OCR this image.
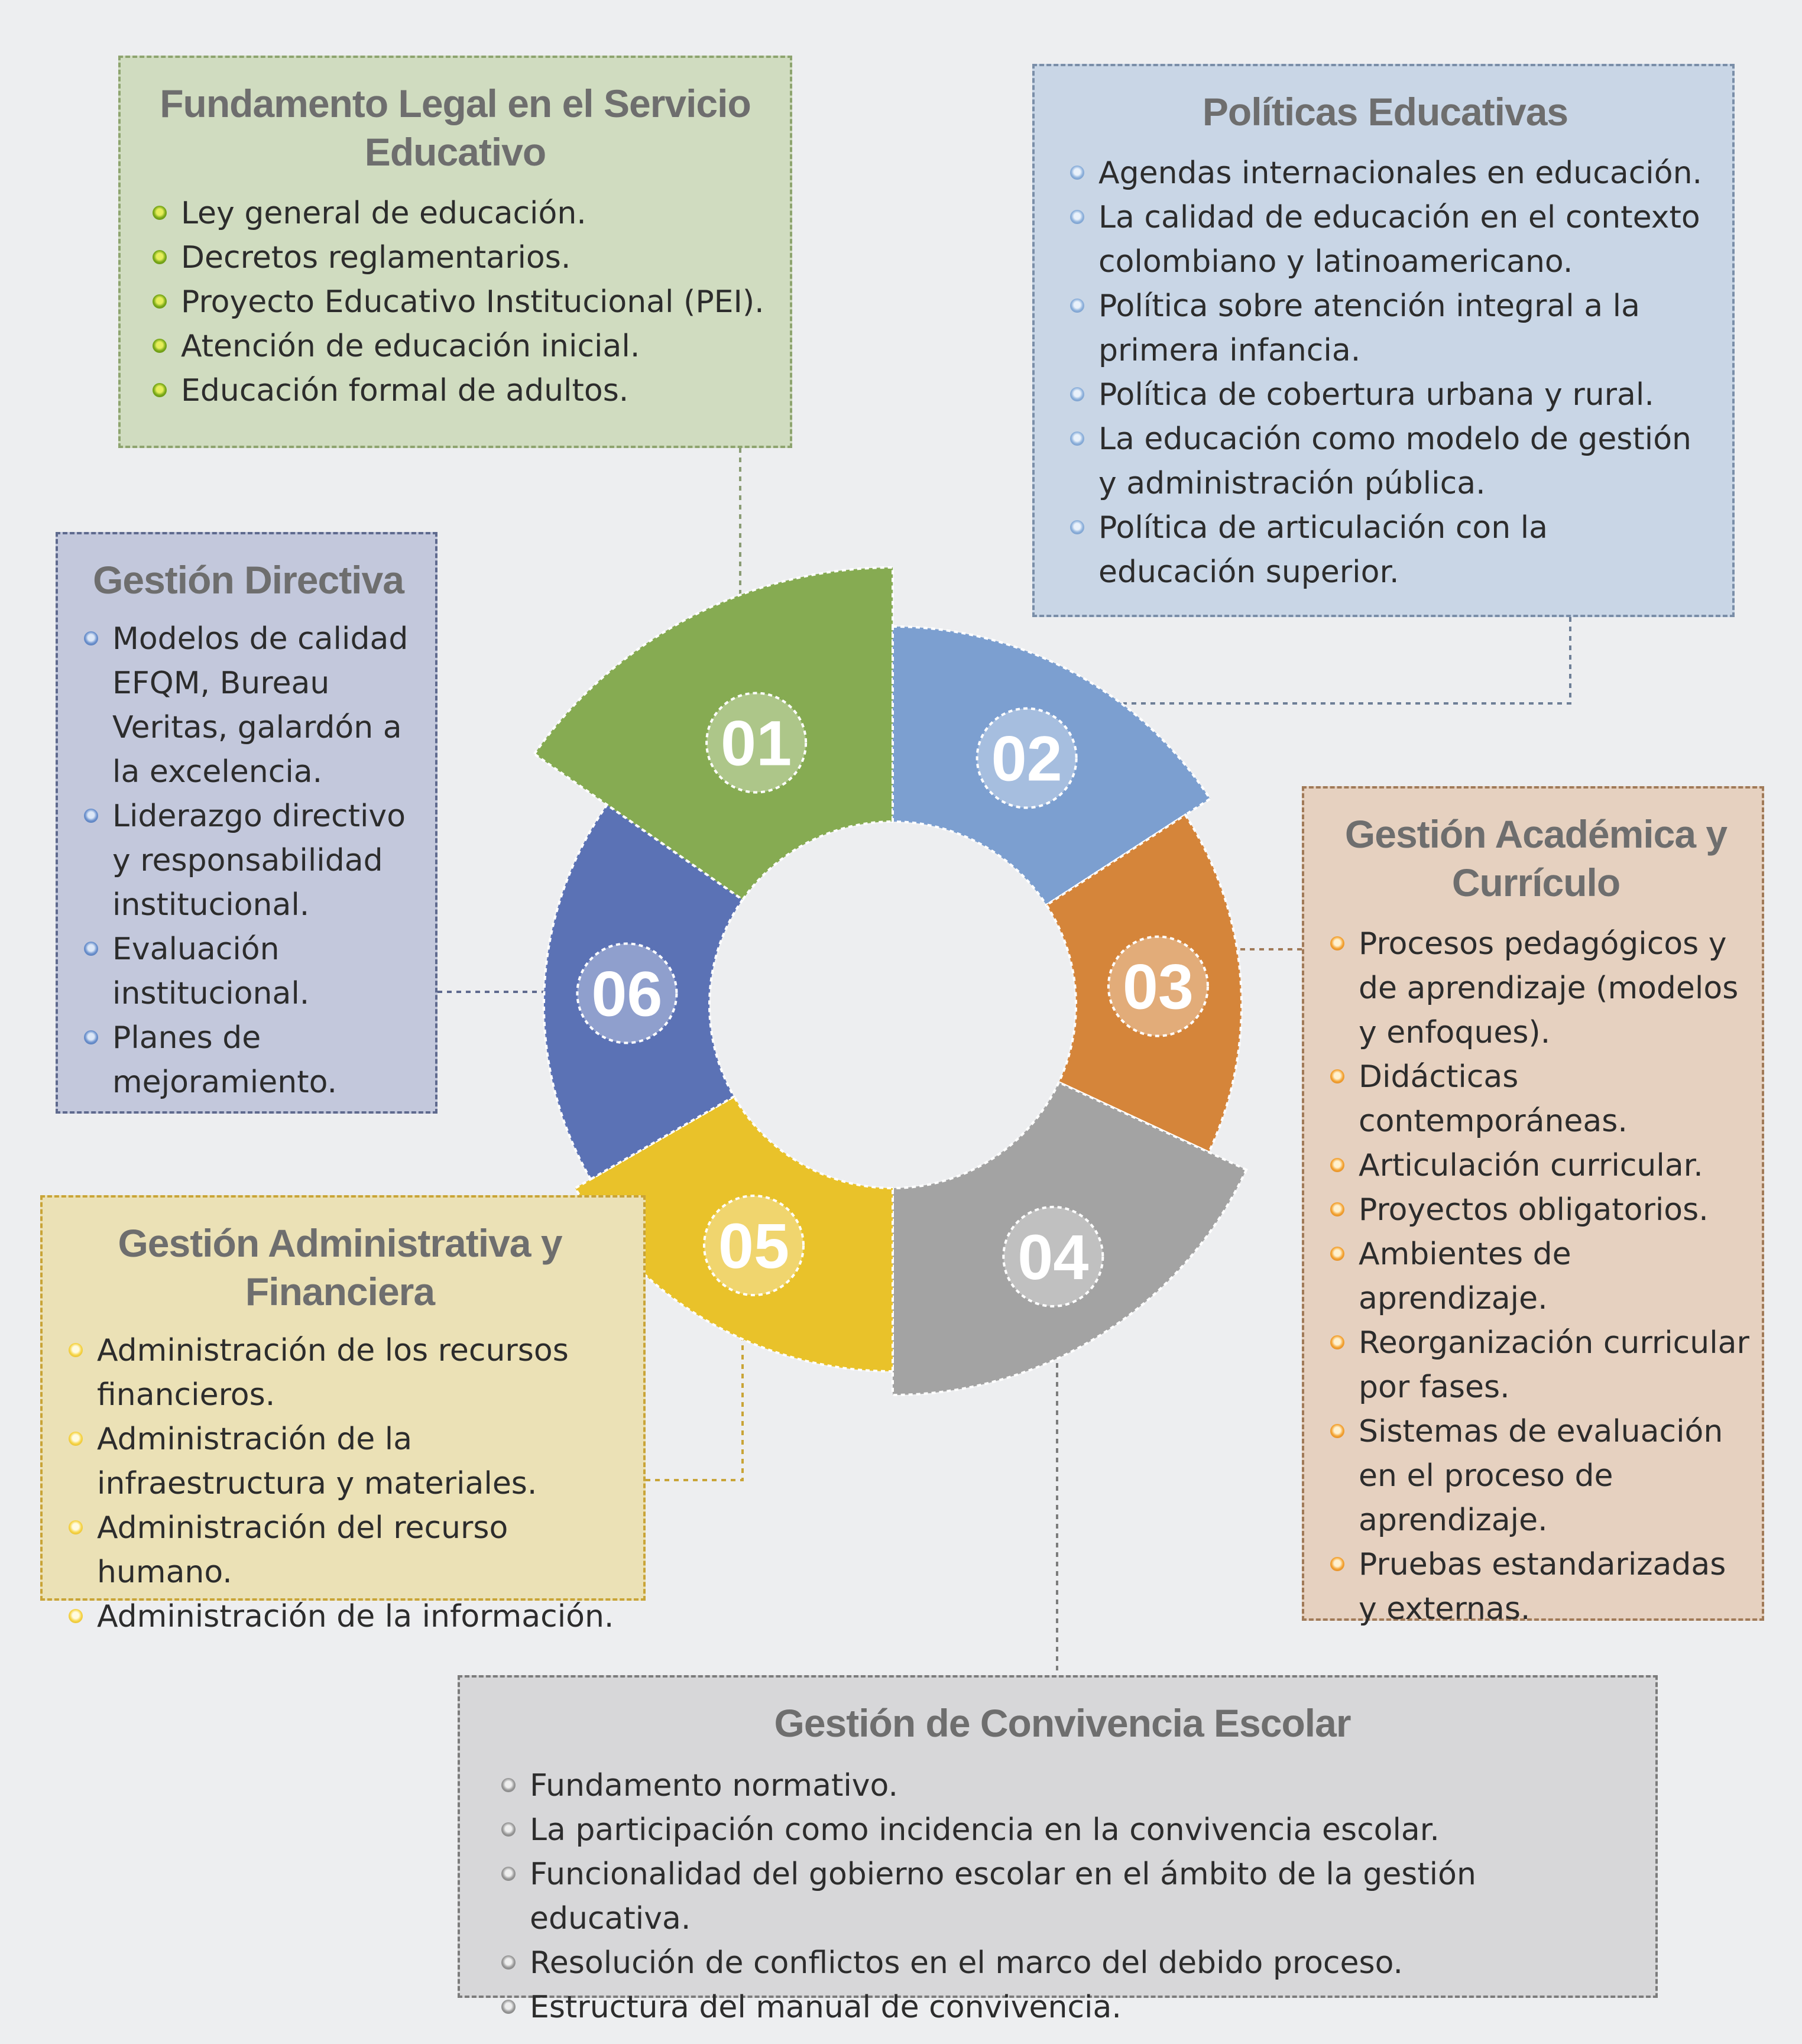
01	02
03
04
05
06
Fundamento Legal en el Servicio Educativo
Ley general de educación.
Decretos reglamentarios.
Proyecto Educativo Institucional (PEI).
Atención de educación inicial.
Educación formal de adultos.
Políticas Educativas
Agendas internacionales en educación.
La calidad de educación en el contexto colombiano y latinoamericano.
Política sobre atención integral a la primera infancia.
Política de cobertura urbana y rural.
La educación como modelo de gestión y administración pública.
Política de articulación con la educación superior.
Gestión Directiva
Modelos de calidad EFQM, Bureau Veritas, galardón a la excelencia.
Liderazgo directivo y responsabilidad institucional.
Evaluación institucional.
Planes de mejoramiento.
Gestión Académica y Currículo
Procesos pedagógicos y de aprendizaje (modelos y enfoques).
Didácticas contemporáneas.
Articulación curricular.
Proyectos obligatorios.
Ambientes de aprendizaje.
Reorganización curricular por fases.
Sistemas de evaluación en el proceso de aprendizaje.
Pruebas estandarizadas y externas.
Gestión Administrativa y Financiera
Administración de los recursos financieros.
Administración de la infraestructura y materiales.
Administración del recurso humano.
Administración de la información.
Gestión de Convivencia Escolar
Fundamento normativo.
La participación como incidencia en la convivencia escolar.
Funcionalidad del gobierno escolar en el ámbito de la gestión educativa.
Resolución de conflictos en el marco del debido proceso.
Estructura del manual de convivencia.
